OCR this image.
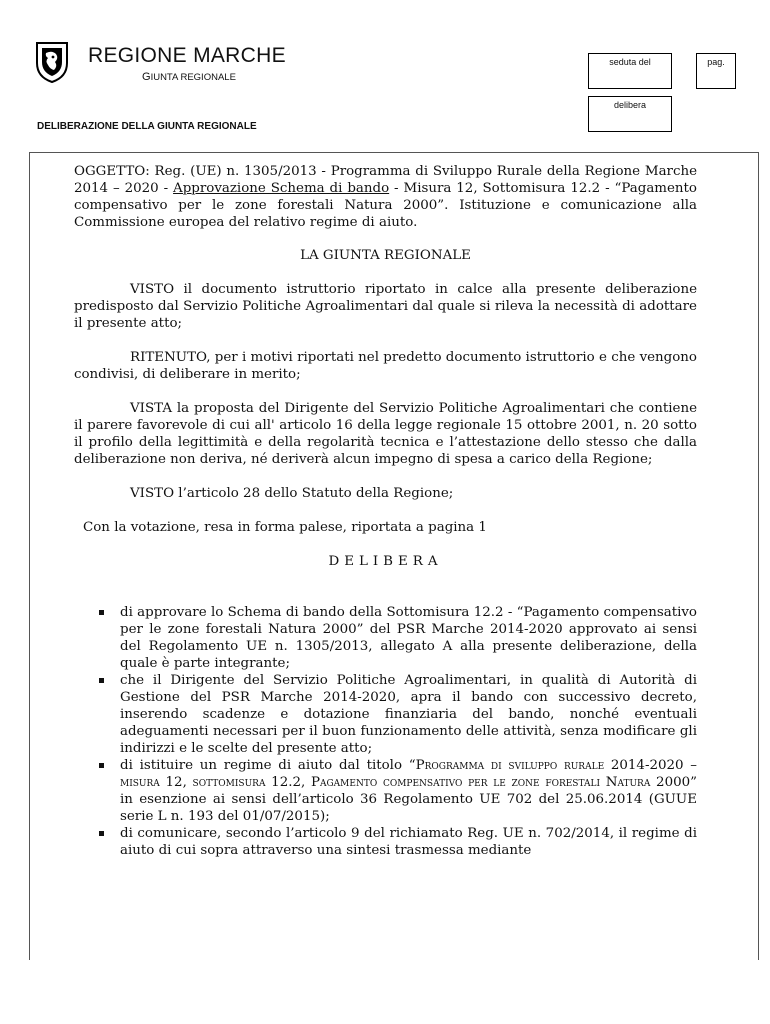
REGIONE MARCHE
GIUNTA REGIONALE
DELIBERAZIONE DELLA GIUNTA REGIONALE
seduta del	pag.
delibera

OGGETTO: Reg. (UE) n. 1305/2013 - Programma di Sviluppo Rurale della Regione Marche 2014 – 2020 - Approvazione Schema di bando - Misura 12, Sottomisura 12.2 - “Pagamento compensativo per le zone forestali Natura 2000”. Istituzione e comunicazione alla Commissione europea del relativo regime di aiuto.

LA GIUNTA REGIONALE

VISTO il documento istruttorio riportato in calce alla presente deliberazione predisposto dal Servizio Politiche Agroalimentari dal quale si rileva la necessità di adottare il presente atto;

RITENUTO, per i motivi riportati nel predetto documento istruttorio e che vengono condivisi, di deliberare in merito;

VISTA la proposta del Dirigente del Servizio Politiche Agroalimentari che contiene il parere favorevole di cui all' articolo 16 della legge regionale 15 ottobre 2001, n. 20 sotto il profilo della legittimità e della regolarità tecnica e l’attestazione dello stesso che dalla deliberazione non deriva, né deriverà alcun impegno di spesa a carico della Regione;

VISTO l’articolo 28 dello Statuto della Regione;

Con la votazione, resa in forma palese, riportata a pagina 1

DELIBERA

di approvare lo Schema di bando della Sottomisura 12.2 - “Pagamento compensativo per le zone forestali Natura 2000” del PSR Marche 2014-2020 approvato ai sensi del Regolamento UE n. 1305/2013, allegato A alla presente deliberazione, della quale è parte integrante;
che il Dirigente del Servizio Politiche Agroalimentari, in qualità di Autorità di Gestione del PSR Marche 2014-2020, apra il bando con successivo decreto, inserendo scadenze e dotazione finanziaria del bando, nonché eventuali adeguamenti necessari per il buon funzionamento delle attività, senza modificare gli indirizzi e le scelte del presente atto;
di istituire un regime di aiuto dal titolo “Programma di sviluppo rurale 2014-2020 – misura 12, sottomisura 12.2, Pagamento compensativo per le zone forestali Natura 2000” in esenzione ai sensi dell’articolo 36 Regolamento UE 702 del 25.06.2014 (GUUE serie L n. 193 del 01/07/2015);
di comunicare, secondo l’articolo 9 del richiamato Reg. UE n. 702/2014, il regime di aiuto di cui sopra attraverso una sintesi trasmessa mediante
